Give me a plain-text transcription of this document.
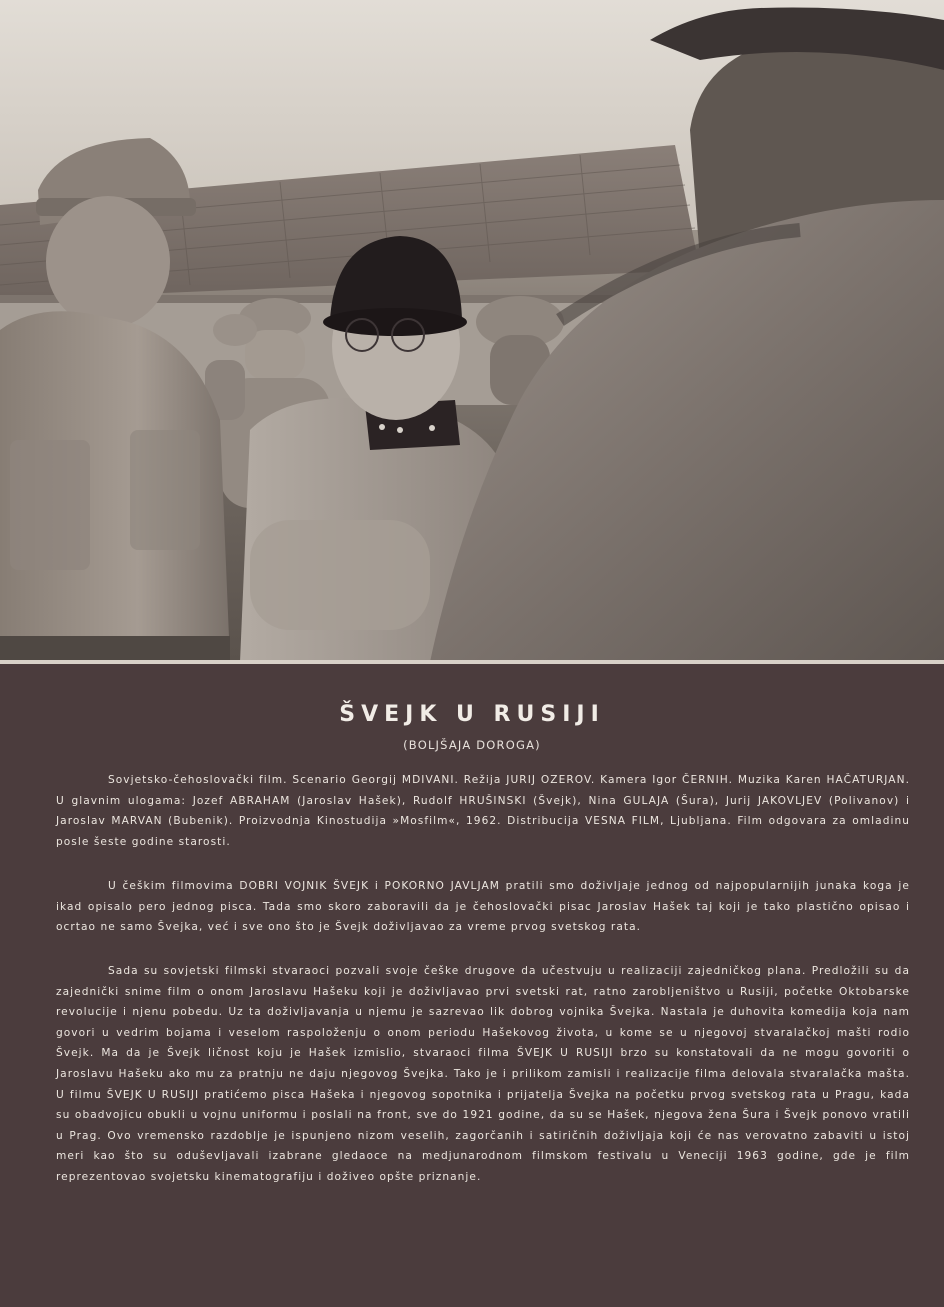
ŠVEJK U RUSIJI

(BOLJŠAJA DOROGA)

Sovjetsko-čehoslovački film. Scenario Georgij MDIVANI. Režija JURIJ OZEROV. Kamera Igor ČERNIH. Muzika Karen HAČATURJAN. U glavnim ulogama: Jozef ABRAHAM (Jaroslav Hašek), Rudolf HRUŠINSKI (Švejk), Nina GULAJA (Šura), Jurij JAKOVLJEV (Polivanov) i Jaroslav MARVAN (Bubenik). Proizvodnja Kinostudija »Mosfilm«, 1962. Distribucija VESNA FILM, Ljubljana. Film odgovara za omladinu posle šeste godine starosti.

U češkim filmovima DOBRI VOJNIK ŠVEJK i POKORNO JAVLJAM pratili smo doživljaje jednog od najpopularnijih junaka koga je ikad opisalo pero jednog pisca. Tada smo skoro zaboravili da je čehoslovački pisac Jaroslav Hašek taj koji je tako plastično opisao i ocrtao ne samo Švejka, već i sve ono što je Švejk doživljavao za vreme prvog svetskog rata.

Sada su sovjetski filmski stvaraoci pozvali svoje češke drugove da učestvuju u realizaciji zajedničkog plana. Predložili su da zajednički snime film o onom Jaroslavu Hašeku koji je doživljavao prvi svetski rat, ratno zarobljeništvo u Rusiji, početke Oktobarske revolucije i njenu pobedu. Uz ta doživljavanja u njemu je sazrevao lik dobrog vojnika Švejka. Nastala je duhovita komedija koja nam govori u vedrim bojama i veselom raspoloženju o onom periodu Hašekovog života, u kome se u njegovoj stvaralačkoj mašti rodio Švejk. Ma da je Švejk ličnost koju je Hašek izmislio, stvaraoci filma ŠVEJK U RUSIJI brzo su konstatovali da ne mogu govoriti o Jaroslavu Hašeku ako mu za pratnju ne daju njegovog Švejka. Tako je i prilikom zamisli i realizacije filma delovala stvaralačka mašta. U filmu ŠVEJK U RUSIJI pratićemo pisca Hašeka i njegovog sopotnika i prijatelja Švejka na početku prvog svetskog rata u Pragu, kada su obadvojicu obukli u vojnu uniformu i poslali na front, sve do 1921 godine, da su se Hašek, njegova žena Šura i Švejk ponovo vratili u Prag. Ovo vremensko razdoblje je ispunjeno nizom veselih, zagorčanih i satiričnih doživljaja koji će nas verovatno zabaviti u istoj meri kao što su oduševljavali izabrane gledaoce na medjunarodnom filmskom festivalu u Veneciji 1963 godine, gde je film reprezentovao svojetsku kinematografiju i doživeo opšte priznanje.
